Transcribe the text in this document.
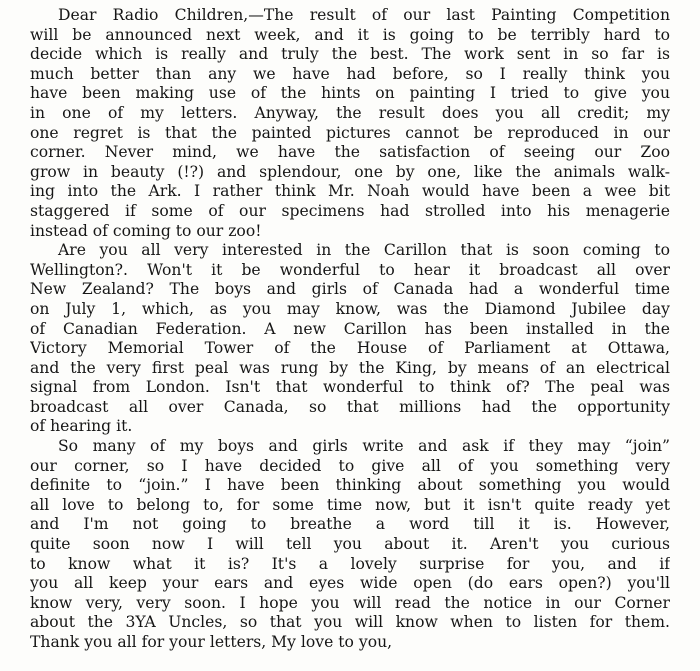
Dear Radio Children,—The result of our last Painting Competition
will be announced next week, and it is going to be terribly hard to
decide which is really and truly the best. The work sent in so far is
much better than any we have had before, so I really think you
have been making use of the hints on painting I tried to give you
in one of my letters. Anyway, the result does you all credit; my
one regret is that the painted pictures cannot be reproduced in our
corner. Never mind, we have the satisfaction of seeing our Zoo
grow in beauty (!?) and splendour, one by one, like the animals walk-
ing into the Ark. I rather think Mr. Noah would have been a wee bit
staggered if some of our specimens had strolled into his menagerie
instead of coming to our zoo!
Are you all very interested in the Carillon that is soon coming to
Wellington?. Won't it be wonderful to hear it broadcast all over
New Zealand? The boys and girls of Canada had a wonderful time
on July 1, which, as you may know, was the Diamond Jubilee day
of Canadian Federation. A new Carillon has been installed in the
Victory Memorial Tower of the House of Parliament at Ottawa,
and the very first peal was rung by the King, by means of an electrical
signal from London. Isn't that wonderful to think of? The peal was
broadcast all over Canada, so that millions had the opportunity
of hearing it.
So many of my boys and girls write and ask if they may “join”
our corner, so I have decided to give all of you something very
definite to “join.” I have been thinking about something you would
all love to belong to, for some time now, but it isn't quite ready yet
and I'm not going to breathe a word till it is. However,
quite soon now I will tell you about it. Aren't you curious
to know what it is? It's a lovely surprise for you, and if
you all keep your ears and eyes wide open (do ears open?) you'll
know very, very soon. I hope you will read the notice in our Corner
about the 3YA Uncles, so that you will know when to listen for them.
Thank you all for your letters, My love to you,
